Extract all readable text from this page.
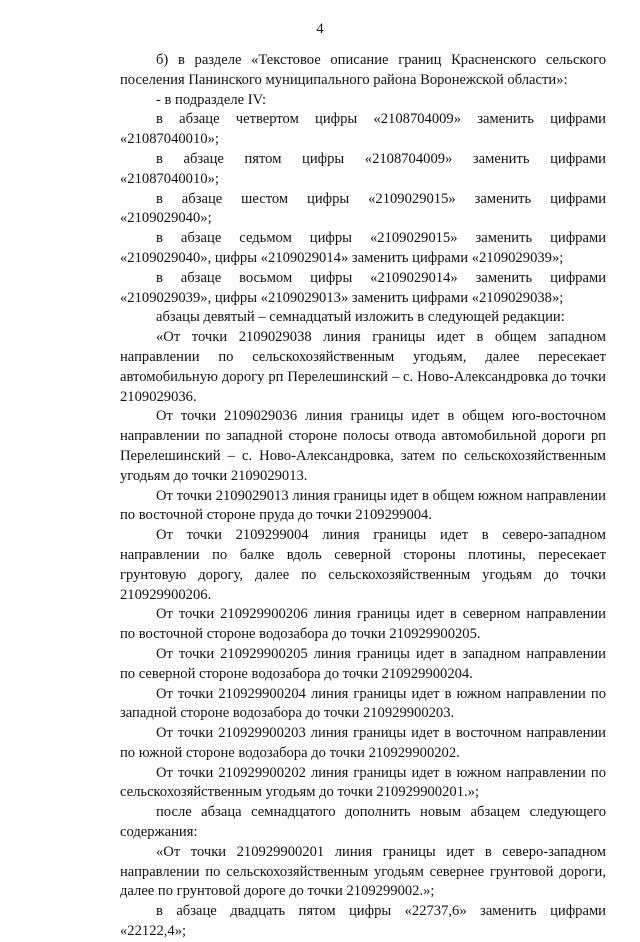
4

б) в разделе «Текстовое описание границ Красненского сельского поселения Панинского муниципального района Воронежской области»:

- в подразделе IV:

в абзаце четвертом цифры «2108704009» заменить цифрами «21087040010»;

в абзаце пятом цифры «2108704009» заменить цифрами «21087040010»;

в абзаце шестом цифры «2109029015» заменить цифрами «2109029040»;

в абзаце седьмом цифры «2109029015» заменить цифрами «2109029040», цифры «2109029014» заменить цифрами «2109029039»;

в абзаце восьмом цифры «2109029014» заменить цифрами «2109029039», цифры «2109029013» заменить цифрами «2109029038»;

абзацы девятый – семнадцатый изложить в следующей редакции:

«От точки 2109029038 линия границы идет в общем западном направлении по сельскохозяйственным угодьям, далее пересекает автомобильную дорогу рп Перелешинский – с. Ново-Александровка до точки 2109029036.

От точки 2109029036 линия границы идет в общем юго-восточном направлении по западной стороне полосы отвода автомобильной дороги рп Перелешинский – с. Ново-Александровка, затем по сельскохозяйственным угодьям до точки 2109029013.

От точки 2109029013 линия границы идет в общем южном направлении по восточной стороне пруда до точки 2109299004.

От точки 2109299004 линия границы идет в северо-западном направлении по балке вдоль северной стороны плотины, пересекает грунтовую дорогу, далее по сельскохозяйственным угодьям до точки 210929900206.

От точки 210929900206 линия границы идет в северном направлении по восточной стороне водозабора до точки 210929900205.

От точки 210929900205 линия границы идет в западном направлении по северной стороне водозабора до точки 210929900204.

От точки 210929900204 линия границы идет в южном направлении по западной стороне водозабора до точки 210929900203.

От точки 210929900203 линия границы идет в восточном направлении по южной стороне водозабора до точки 210929900202.

От точки 210929900202 линия границы идет в южном направлении по сельскохозяйственным угодьям до точки 210929900201.»;

после абзаца семнадцатого дополнить новым абзацем следующего содержания:

«От точки 210929900201 линия границы идет в северо-западном направлении по сельскохозяйственным угодьям севернее грунтовой дороги, далее по грунтовой дороге до точки 2109299002.»;

в абзаце двадцать пятом цифры «22737,6» заменить цифрами «22122,4»;
